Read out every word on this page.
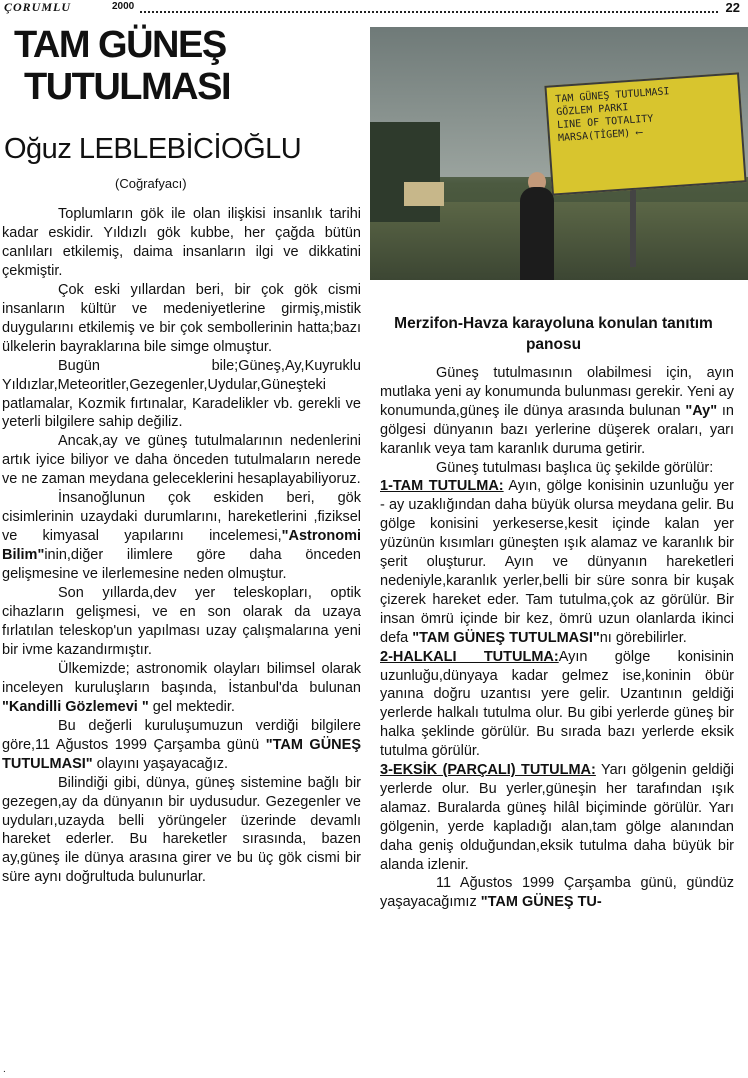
ÇORUMLU	2000	22
TAM GÜNEŞ
TUTULMASI
Oğuz LEBLEBİCİOĞLU
(Coğrafyacı)

Toplumların gök ile olan ilişkisi insanlık tarihi kadar eskidir. Yıldızlı gök kubbe, her çağda bütün canlıları etkilemiş, daima insanların ilgi ve dikkatini çekmiştir.

Çok eski yıllardan beri, bir çok gök cismi insanların kültür ve medeniyetlerine girmiş,mistik duygularını etkilemiş ve bir çok sembollerinin hatta;bazı ülkelerin bayraklarına bile simge olmuştur.

Bugün bile;Güneş,Ay,Kuyruklu Yıldızlar,Meteoritler,Gezegenler,Uydular,Güneşteki patlamalar, Kozmik fırtınalar, Karadelikler vb. gerekli ve yeterli bilgilere sahip değiliz.

Ancak,ay ve güneş tutulmalarının nedenlerini artık iyice biliyor ve daha önceden tutulmaların nerede ve ne zaman meydana geleceklerini hesaplayabiliyoruz.

İnsanoğlunun çok eskiden beri, gök cisimlerinin uzaydaki durumlarını, hareketlerini ,fiziksel ve kimyasal yapılarını incelemesi,"Astronomi Bilim"inin,diğer ilimlere göre daha önceden gelişmesine ve ilerlemesine neden olmuştur.

Son yıllarda,dev yer teleskopları, optik cihazların gelişmesi, ve en son olarak da uzaya fırlatılan teleskop'un yapılması uzay çalışmalarına yeni bir ivme kazandırmıştır.

Ülkemizde; astronomik olayları bilimsel olarak inceleyen kuruluşların başında, İstanbul'da bulunan "Kandilli Gözlemevi " gel mektedir.

Bu değerli kuruluşumuzun verdiği bilgilere göre,11 Ağustos 1999 Çarşamba günü "TAM GÜNEŞ TUTULMASI" olayını yaşayacağız.

Bilindiği gibi, dünya, güneş sistemine bağlı bir gezegen,ay da dünyanın bir uydusudur. Gezegenler ve uyduları,uzayda belli yörüngeler üzerinde devamlı hareket ederler. Bu hareketler sırasında, bazen ay,güneş ile dünya arasına girer ve bu üç gök cismi bir süre aynı doğrultuda bulunurlar.

TAM GÜNEŞ TUTULMASI
GÖZLEM PARKI
LINE OF TOTALITY
MARSA(TİGEM) ⟵
Merzifon-Havza karayoluna konulan tanıtım panosu

Güneş tutulmasının olabilmesi için, ayın mutlaka yeni ay konumunda bulunması gerekir. Yeni ay konumunda,güneş ile dünya arasında bulunan "Ay" ın gölgesi dünyanın bazı yerlerine düşerek oraları, yarı karanlık veya tam karanlık duruma getirir.

Güneş tutulması başlıca üç şekilde görülür:

1-TAM TUTULMA: Ayın, gölge konisinin uzunluğu yer - ay uzaklığından daha büyük olursa meydana gelir. Bu gölge konisini yerkeserse,kesit içinde kalan yer yüzünün kısımları güneşten ışık alamaz ve karanlık bir şerit oluşturur. Ayın ve dünyanın hareketleri nedeniyle,karanlık yerler,belli bir süre sonra bir kuşak çizerek hareket eder. Tam tutulma,çok az görülür. Bir insan ömrü içinde bir kez, ömrü uzun olanlarda ikinci defa "TAM GÜNEŞ TUTULMASI"nı görebilirler.

2-HALKALI TUTULMA:Ayın gölge konisinin uzunluğu,dünyaya kadar gelmez ise,koninin öbür yanına doğru uzantısı yere gelir. Uzantının geldiği yerlerde halkalı tutulma olur. Bu gibi yerlerde güneş bir halka şeklinde görülür. Bu sırada bazı yerlerde eksik tutulma görülür.

3-EKSİK (PARÇALI) TUTULMA: Yarı gölgenin geldiği yerlerde olur. Bu yerler,güneşin her tarafından ışık alamaz. Buralarda güneş hilâl biçiminde görülür. Yarı gölgenin, yerde kapladığı alan,tam gölge alanından daha geniş olduğundan,eksik tutulma daha büyük bir alanda izlenir.

11 Ağustos 1999 Çarşamba günü, gündüz yaşayacağımız "TAM GÜNEŞ TU-

.
